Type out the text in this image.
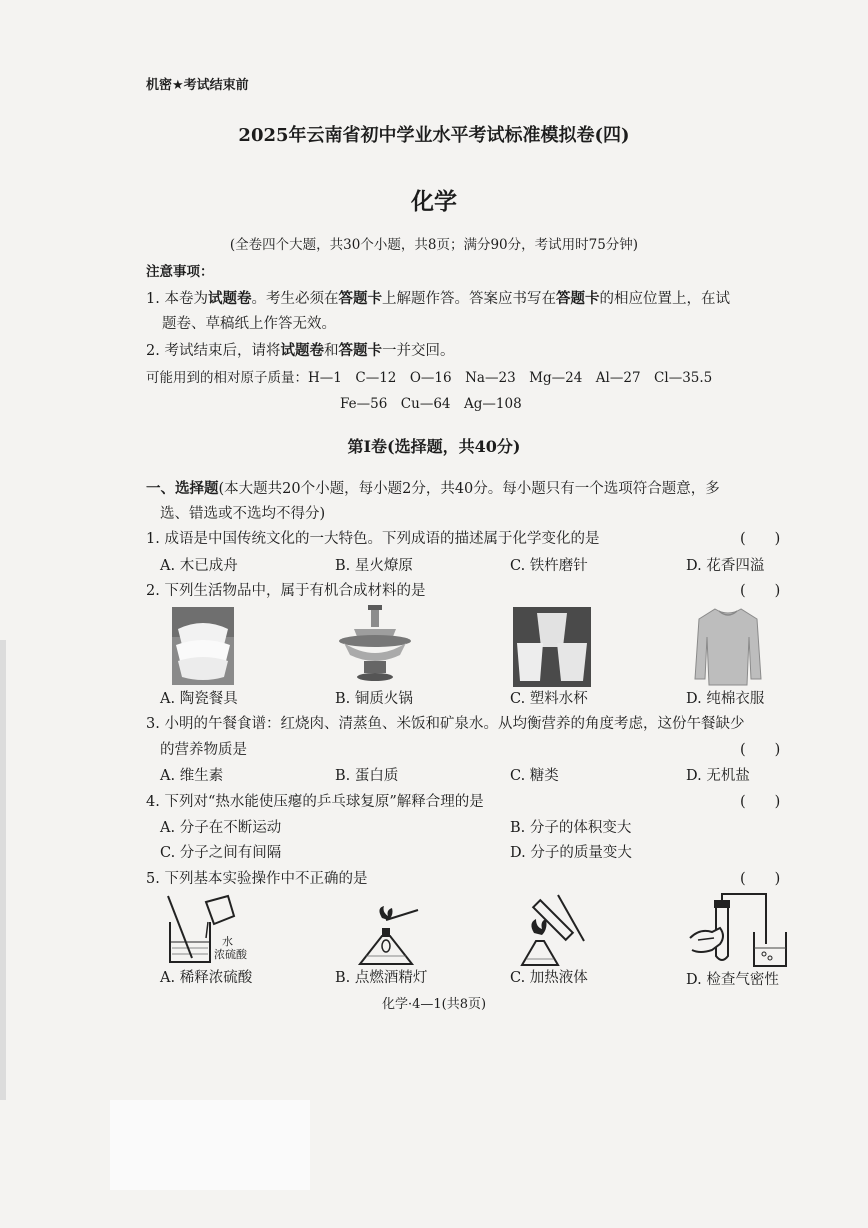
机密★考试结束前
2025年云南省初中学业水平考试标准模拟卷(四)
化学
(全卷四个大题，共30个小题，共8页；满分90分，考试用时75分钟)
注意事项：
1. 本卷为试题卷。考生必须在答题卡上解题作答。答案应书写在答题卡的相应位置上，在试
题卷、草稿纸上作答无效。
2. 考试结束后，请将试题卷和答题卡一并交回。
可能用到的相对原子质量：H—1　C—12　O—16　Na—23　Mg—24　Al—27　Cl—35.5
Fe—56　Cu—64　Ag—108
第Ⅰ卷(选择题，共40分)
一、选择题(本大题共20个小题，每小题2分，共40分。每小题只有一个选项符合题意，多
选、错选或不选均不得分)
1. 成语是中国传统文化的一大特色。下列成语的描述属于化学变化的是	(　　)
A. 木已成舟	B. 星火燎原	C. 铁杵磨针	D. 花香四溢
2. 下列生活物品中，属于有机合成材料的是	(　　)
A. 陶瓷餐具	B. 铜质火锅	C. 塑料水杯	D. 纯棉衣服
3. 小明的午餐食谱：红烧肉、清蒸鱼、米饭和矿泉水。从均衡营养的角度考虑，这份午餐缺少
的营养物质是	(　　)
A. 维生素	B. 蛋白质	C. 糖类	D. 无机盐
4. 下列对“热水能使压瘪的乒乓球复原”解释合理的是	(　　)
A. 分子在不断运动	B. 分子的体积变大
C. 分子之间有间隔	D. 分子的质量变大
5. 下列基本实验操作中不正确的是	(　　)
水
浓硫酸
A. 稀释浓硫酸	B. 点燃酒精灯	C. 加热液体	D. 检查气密性
化学·4—1(共8页)
